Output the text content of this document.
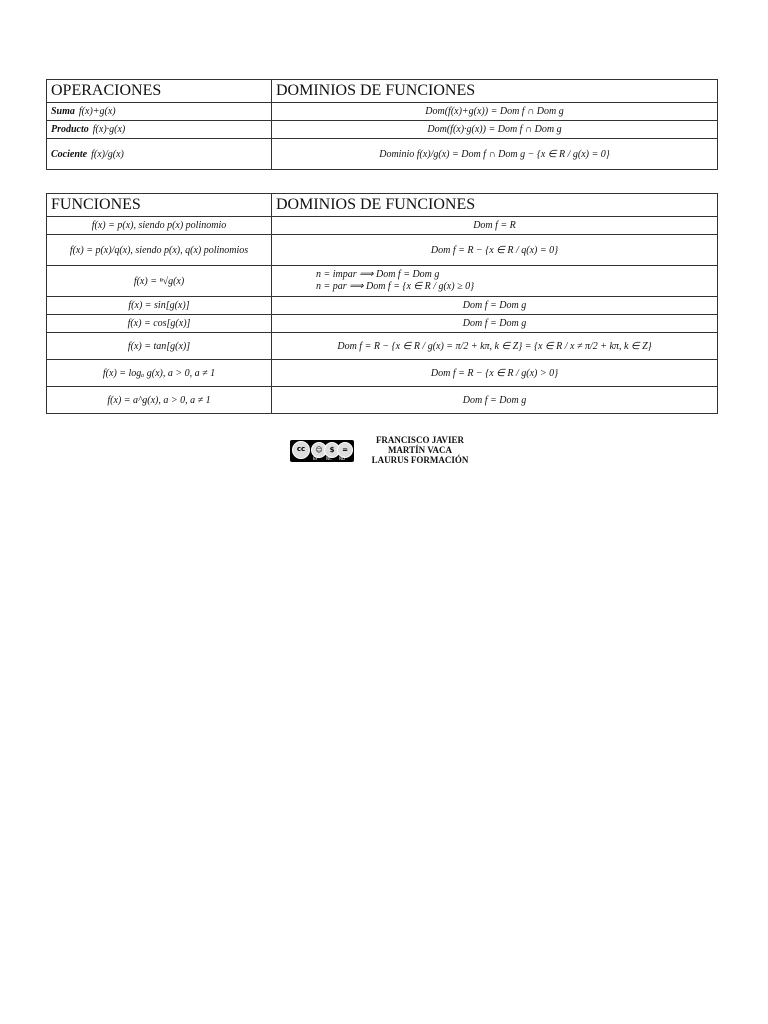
OPERACIONES	DOMINIOS DE FUNCIONES
Suma f(x)+g(x)	Dom(f(x)+g(x)) = Dom f ∩ Dom g
Producto f(x)·g(x)	Dom(f(x)·g(x)) = Dom f ∩ Dom g
Cociente f(x)/g(x)	Dominio f(x)/g(x) = Dom f ∩ Dom g − {x ∈ R / g(x) = 0}
FUNCIONES	DOMINIOS DE FUNCIONES
f(x) = p(x), siendo p(x) polinomio	Dom f = R
f(x) = p(x)/q(x), siendo p(x), q(x) polinomios	Dom f = R − {x ∈ R / q(x) = 0}
f(x) = ⁿ√g(x)	n = impar ⟹ Dom f = Dom g
n = par ⟹ Dom f = {x ∈ R / g(x) ≥ 0}

f(x) = sin[g(x)]	Dom f = Dom g
f(x) = cos[g(x)]	Dom f = Dom g
f(x) = tan[g(x)]	Dom f = R − {x ∈ R / g(x) = π/2 + kπ, k ∈ Z} = {x ∈ R / x ≠ π/2 + kπ, k ∈ Z}
f(x) = logₐ g(x), a > 0, a ≠ 1	Dom f = R − {x ∈ R / g(x) > 0}
f(x) = a^g(x), a > 0, a ≠ 1	Dom f = Dom g
cc	☺ $	=
BY NC ND
FRANCISCO JAVIER
MARTÍN VACA
LAURUS FORMACIÓN
